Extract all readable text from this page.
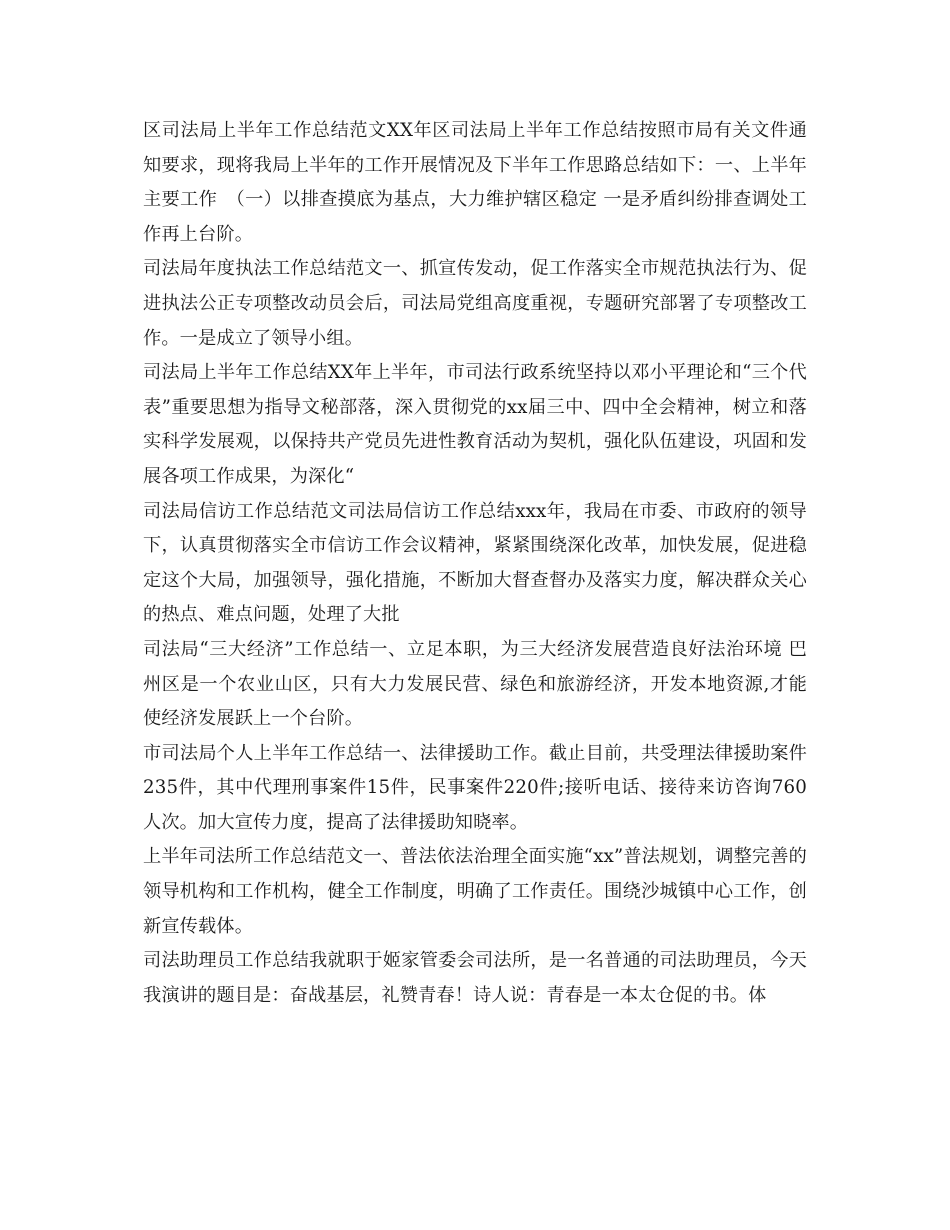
区司法局上半年工作总结范文XX年区司法局上半年工作总结按照市局有关文件通知要求，现将我局上半年的工作开展情况及下半年工作思路总结如下：一、上半年主要工作　（一）以排查摸底为基点，大力维护辖区稳定 一是矛盾纠纷排查调处工作再上台阶。

司法局年度执法工作总结范文一、抓宣传发动，促工作落实全市规范执法行为、促进执法公正专项整改动员会后，司法局党组高度重视，专题研究部署了专项整改工作。一是成立了领导小组。

司法局上半年工作总结XX年上半年，市司法行政系统坚持以邓小平理论和“三个代表”重要思想为指导文秘部落，深入贯彻党的xx届三中、四中全会精神，树立和落实科学发展观，以保持共产党员先进性教育活动为契机，强化队伍建设，巩固和发展各项工作成果，为深化“

司法局信访工作总结范文司法局信访工作总结xxx年，我局在市委、市政府的领导下，认真贯彻落实全市信访工作会议精神，紧紧围绕深化改革，加快发展，促进稳定这个大局，加强领导，强化措施，不断加大督查督办及落实力度，解决群众关心的热点、难点问题，处理了大批

司法局“三大经济”工作总结一、立足本职，为三大经济发展营造良好法治环境 巴州区是一个农业山区，只有大力发展民营、绿色和旅游经济，开发本地资源,才能使经济发展跃上一个台阶。

市司法局个人上半年工作总结一、法律援助工作。截止目前，共受理法律援助案件235件，其中代理刑事案件15件，民事案件220件;接听电话、接待来访咨询760人次。加大宣传力度，提高了法律援助知晓率。

上半年司法所工作总结范文一、普法依法治理全面实施“xx”普法规划，调整完善的领导机构和工作机构，健全工作制度，明确了工作责任。围绕沙城镇中心工作，创新宣传载体。

司法助理员工作总结我就职于姬家管委会司法所，是一名普通的司法助理员，今天我演讲的题目是：奋战基层，礼赞青春！诗人说：青春是一本太仓促的书。体
